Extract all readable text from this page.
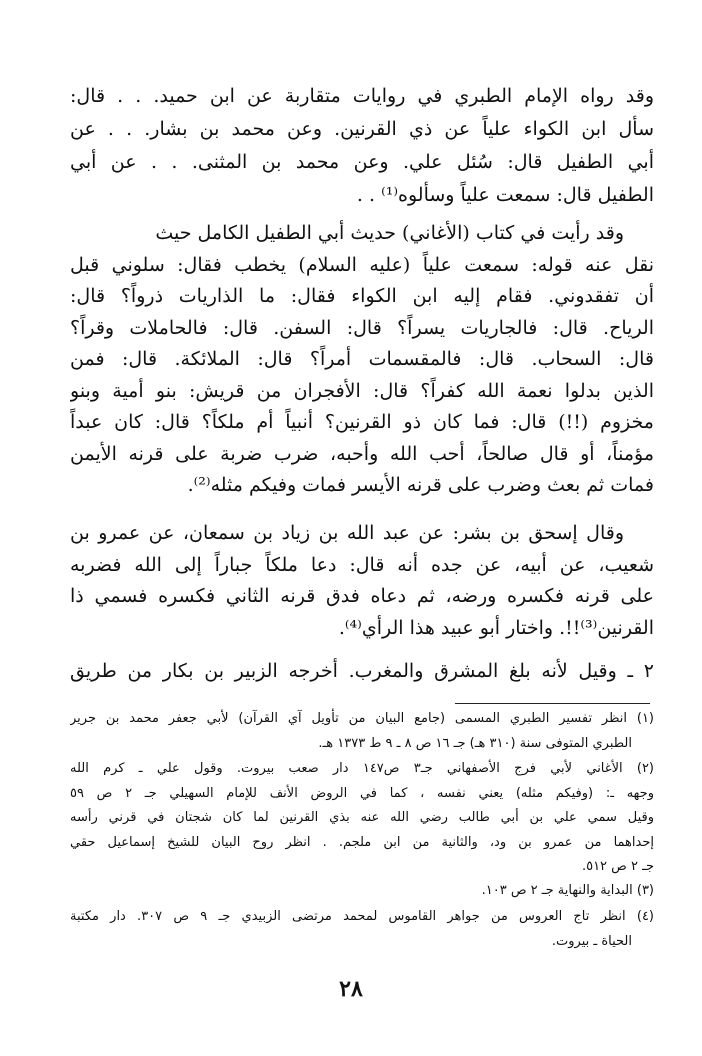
وقد رواه الإمام الطبري في روايات متقاربة عن ابن حميد. . . قال:
سأل ابن الكواء علياً عن ذي القرنين. وعن محمد بن بشار. . . عن
أبي الطفيل قال: سُئل علي. وعن محمد بن المثنى. . . عن أبي
الطفيل قال: سمعت علياً وسألوه⁽¹⁾ . .
وقد رأيت في كتاب (الأغاني) حديث أبي الطفيل الكامل حيث
نقل عنه قوله: سمعت علياً (عليه السلام) يخطب فقال: سلوني قبل
أن تفقدوني. فقام إليه ابن الكواء فقال: ما الذاريات ذرواً؟ قال:
الرياح. قال: فالجاريات يسراً؟ قال: السفن. قال: فالحاملات وقراً؟
قال: السحاب. قال: فالمقسمات أمراً؟ قال: الملائكة. قال: فمن
الذين بدلوا نعمة الله كفراً؟ قال: الأفجران من قريش: بنو أمية وبنو
مخزوم (!!) قال: فما كان ذو القرنين؟ أنبياً أم ملكاً؟ قال: كان عبداً
مؤمناً، أو قال صالحاً، أحب الله وأحبه، ضرب ضربة على قرنه الأيمن
فمات ثم بعث وضرب على قرنه الأيسر فمات وفيكم مثله⁽²⁾.
وقال إسحق بن بشر: عن عبد الله بن زياد بن سمعان، عن عمرو بن
شعيب، عن أبيه، عن جده أنه قال: دعا ملكاً جباراً إلى الله فضربه
على قرنه فكسره ورضه، ثم دعاه فدق قرنه الثاني فكسره فسمي ذا
القرنين⁽³⁾!!. واختار أبو عبيد هذا الرأي⁽⁴⁾.
٢ ـ وقيل لأنه بلغ المشرق والمغرب. أخرجه الزبير بن بكار من طريق
(١) انظر تفسير الطبري المسمى (جامع البيان من تأويل آي القرآن) لأبي جعفر محمد بن جرير
الطبري المتوفى سنة (٣١٠ هـ) جـ ١٦ ص ٨ ـ ٩ ط ١٣٧٣ هـ.
(٢) الأغاني لأبي فرج الأصفهاني جـ٣ ص١٤٧ دار صعب بيروت. وقول علي ـ كرم الله
وجهه ـ: (وفيكم مثله) يعني نفسه ، كما في الروض الأنف للإمام السهيلي جـ ٢ ص ٥٩
وقيل سمي علي بن أبي طالب رضي الله عنه بذي القرنين لما كان شجتان في قرني رأسه
إحداهما من عمرو بن ود، والثانية من ابن ملجم. . انظر روح البيان للشيخ إسماعيل حقي
جـ ٢ ص ٥١٢.
(٣) البداية والنهاية جـ ٢ ص ١٠٣.
(٤) انظر تاج العروس من جواهر القاموس لمحمد مرتضى الزبيدي جـ ٩ ص ٣٠٧. دار مكتبة
الحياة ـ بيروت.
٢٨
